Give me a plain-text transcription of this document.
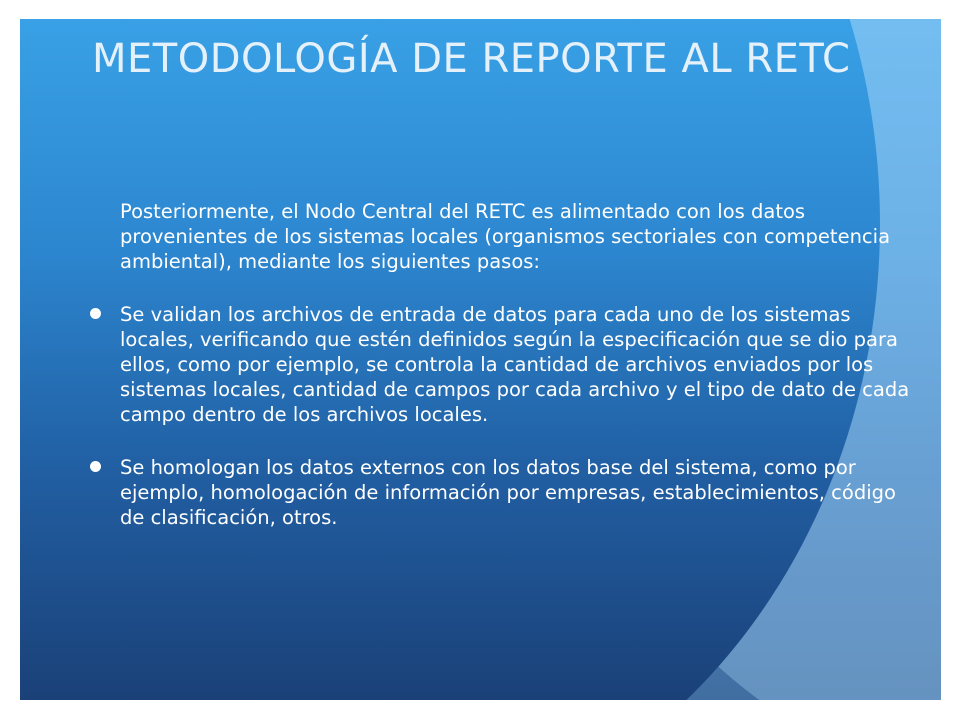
METODOLOGÍA DE REPORTE AL RETC

Posteriormente, el Nodo Central del RETC es alimentado con los datos provenientes de los sistemas locales (organismos sectoriales con competencia ambiental), mediante los siguientes pasos:

Se validan los archivos de entrada de datos para cada uno de los sistemas locales, verificando que estén definidos según la especificación que se dio para ellos, como por ejemplo, se controla la cantidad de archivos enviados por los sistemas locales, cantidad de campos por cada archivo y el tipo de dato de cada campo dentro de los archivos locales.
Se homologan los datos externos con los datos base del sistema, como por ejemplo, homologación de información por empresas, establecimientos, código de clasificación, otros.
